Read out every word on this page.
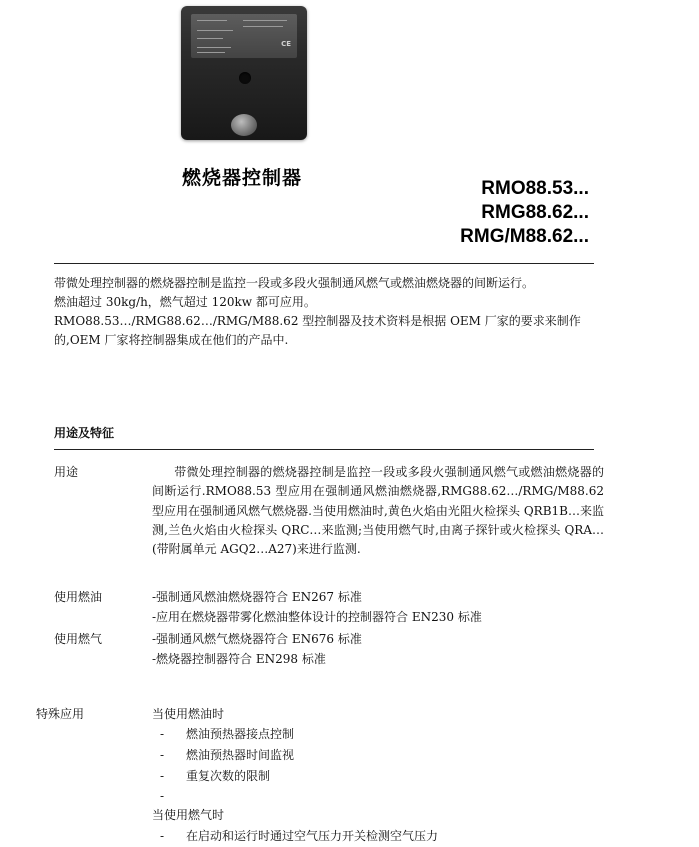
CE
燃烧器控制器	RMO88.53...
RMG88.62...
RMG/M88.62...

带微处理控制器的燃烧器控制是监控一段或多段火强制通风燃气或燃油燃烧器的间断运行。

燃油超过 30kg/h，燃气超过 120kw 都可应用。

RMO88.53…/RMG88.62…/RMG/M88.62 型控制器及技术资料是根据 OEM 厂家的要求来制作的,OEM 厂家将控制器集成在他们的产品中.

用途及特征
用途	带微处理控制器的燃烧器控制是监控一段或多段火强制通风燃气或燃油燃烧器的间断运行.RMO88.53 型应用在强制通风燃油燃烧器,RMG88.62…/RMG/M88.62 型应用在强制通风燃气燃烧器.当使用燃油时,黄色火焰由光阻火检探头 QRB1B…来监测,兰色火焰由火检探头 QRC…来监测;当使用燃气时,由离子探针或火检探头 QRA…(带附属单元 AGQ2…A27)来进行监测.
使用燃油	-强制通风燃油燃烧器符合 EN267 标准
-应用在燃烧器带雾化燃油整体设计的控制器符合 EN230 标准
使用燃气	-强制通风燃气燃烧器符合 EN676 标准
-燃烧器控制器符合 EN298 标准
特殊应用	当使用燃油时
- 燃油预热器接点控制
- 燃油预热器时间监视
- 重复次数的限制
-
当使用燃气时
- 在启动和运行时通过空气压力开关检测空气压力
